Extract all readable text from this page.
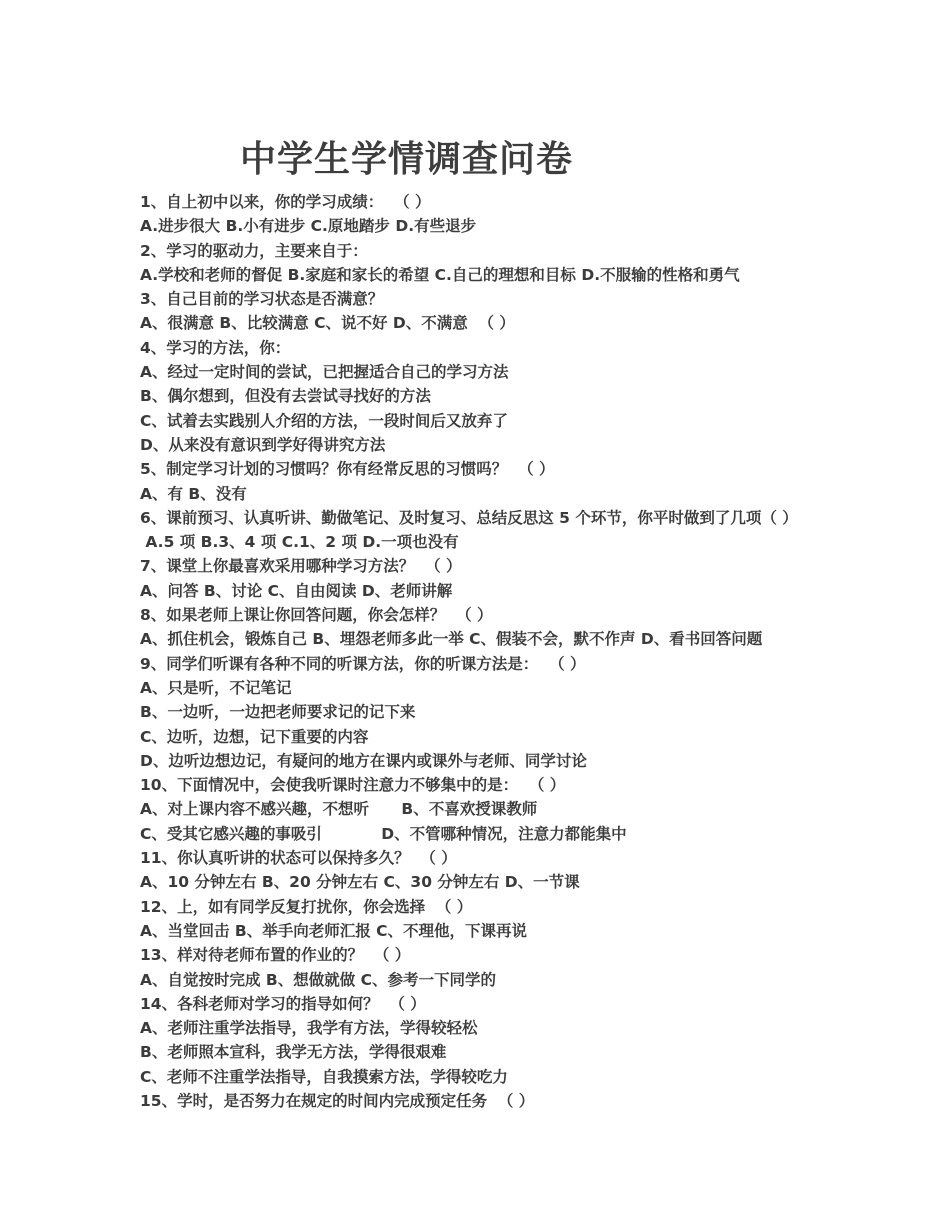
中学生学情调查问卷
1、自上初中以来，你的学习成绩：  （ ）
A.进步很大 B.小有进步 C.原地踏步 D.有些退步
2、学习的驱动力，主要来自于：
A.学校和老师的督促 B.家庭和家长的希望 C.自己的理想和目标 D.不服输的性格和勇气
3、自己目前的学习状态是否满意？
A、很满意 B、比较满意 C、说不好 D、不满意  （ ）
4、学习的方法，你：
A、经过一定时间的尝试，已把握适合自己的学习方法
B、偶尔想到，但没有去尝试寻找好的方法
C、试着去实践别人介绍的方法，一段时间后又放弃了
D、从来没有意识到学好得讲究方法
5、制定学习计划的习惯吗？你有经常反思的习惯吗？  （ ）
A、有 B、没有
6、课前预习、认真听讲、勤做笔记、及时复习、总结反思这 5 个环节，你平时做到了几项（ ）
A.5 项 B.3、4 项 C.1、2 项 D.一项也没有
7、课堂上你最喜欢采用哪种学习方法？  （ ）
A、问答 B、讨论 C、自由阅读 D、老师讲解
8、如果老师上课让你回答问题，你会怎样？  （ ）
A、抓住机会，锻炼自己 B、埋怨老师多此一举 C、假装不会，默不作声 D、看书回答问题
9、同学们听课有各种不同的听课方法，你的听课方法是：  （ ）
A、只是听，不记笔记
B、一边听，一边把老师要求记的记下来
C、边听，边想，记下重要的内容
D、边听边想边记，有疑问的地方在课内或课外与老师、同学讨论
10、下面情况中，会使我听课时注意力不够集中的是：  （ ）
A、对上课内容不感兴趣，不想听      B、不喜欢授课教师
C、受其它感兴趣的事吸引           D、不管哪种情况，注意力都能集中
11、你认真听讲的状态可以保持多久？  （ ）
A、10 分钟左右 B、20 分钟左右 C、30 分钟左右 D、一节课
12、上，如有同学反复打扰你，你会选择  （ ）
A、当堂回击 B、举手向老师汇报 C、不理他，下课再说
13、样对待老师布置的作业的？  （ ）
A、自觉按时完成 B、想做就做 C、参考一下同学的
14、各科老师对学习的指导如何？  （ ）
A、老师注重学法指导，我学有方法，学得较轻松
B、老师照本宣科，我学无方法，学得很艰难
C、老师不注重学法指导，自我摸索方法，学得较吃力
15、学时，是否努力在规定的时间内完成预定任务  （ ）
